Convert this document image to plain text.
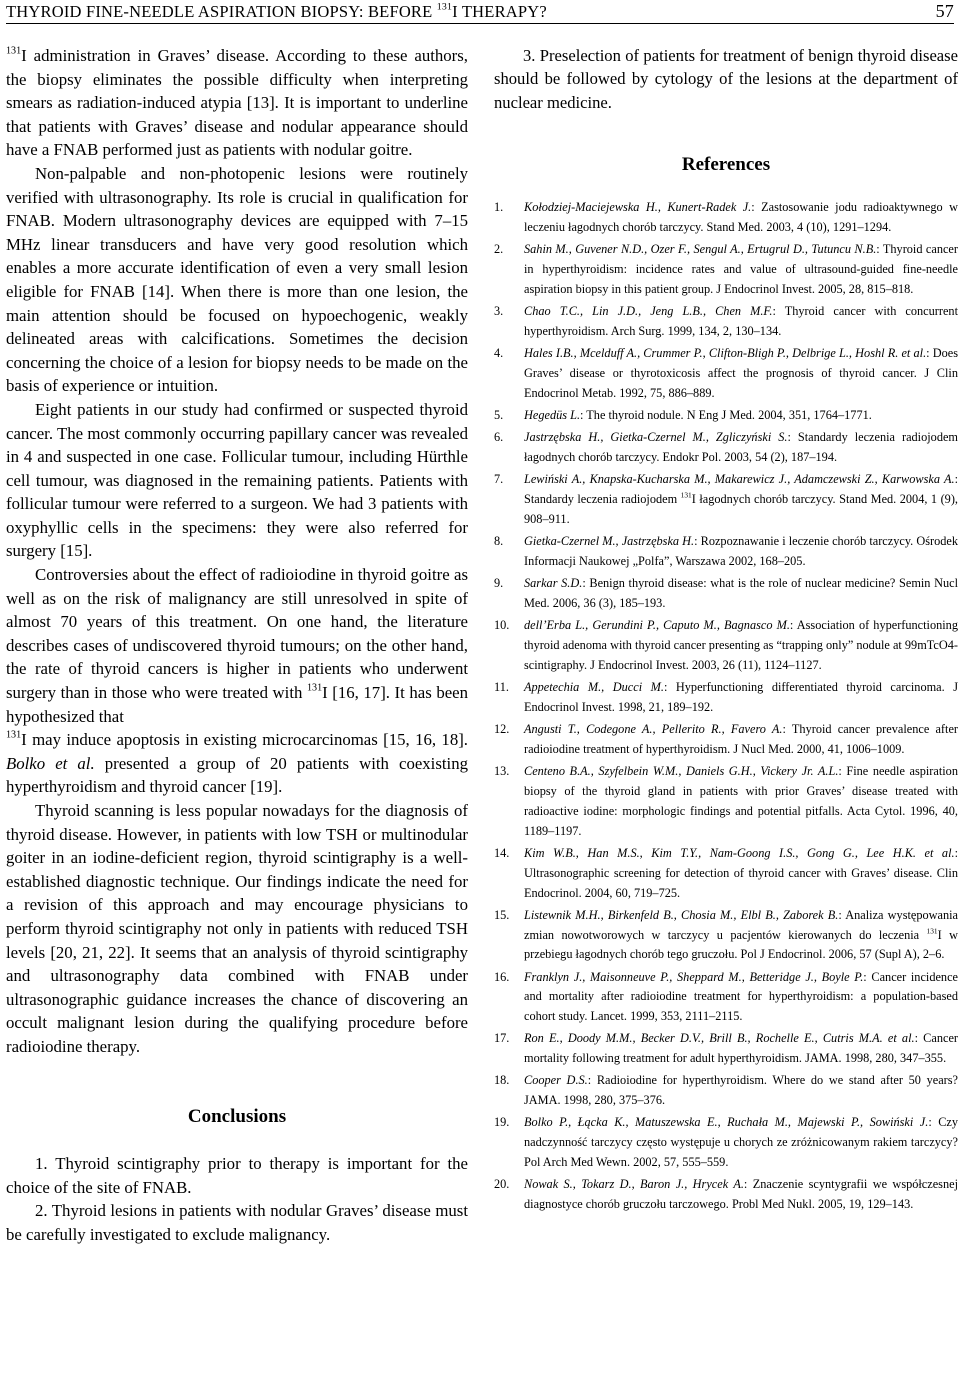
THYROID FINE-NEEDLE ASPIRATION BIOPSY: BEFORE $^{131}$I THERAPY?	57

$^{131}$I administration in Graves’ disease. According to these authors, the biopsy eliminates the possible difficulty when interpreting smears as radiation-induced atypia [13]. It is important to underline that patients with Graves’ disease and nodular appearance should have a FNAB performed just as patients with nodular goitre.

Non-palpable and non-photopenic lesions were routinely verified with ultrasonography. Its role is crucial in qualification for FNAB. Modern ultrasonography devices are equipped with 7–15 MHz linear transducers and have very good resolution which enables a more accurate identification of even a very small lesion eligible for FNAB [14]. When there is more than one lesion, the main attention should be focused on hypoechogenic, weakly delineated areas with calcifications. Sometimes the decision concerning the choice of a lesion for biopsy needs to be made on the basis of experience or intuition.

Eight patients in our study had confirmed or suspected thyroid cancer. The most commonly occurring papillary cancer was revealed in 4 and suspected in one case. Follicular tumour, including Hürthle cell tumour, was diagnosed in the remaining patients. Patients with follicular tumour were referred to a surgeon. We had 3 patients with oxyphyllic cells in the specimens: they were also referred for surgery [15].

Controversies about the effect of radioiodine in thyroid goitre as well as on the risk of malignancy are still unresolved in spite of almost 70 years of this treatment. On one hand, the literature describes cases of undiscovered thyroid tumours; on the other hand, the rate of thyroid cancers is higher in patients who underwent surgery than in those who were treated with $^{131}$I [16, 17]. It has been hypothesized that
$^{131}$I may induce apoptosis in existing microcarcinomas [15, 16, 18]. Bolko et al. presented a group of 20 patients with coexisting hyperthyroidism and thyroid cancer [19].

Thyroid scanning is less popular nowadays for the diagnosis of thyroid disease. However, in patients with low TSH or multinodular goiter in an iodine-deficient region, thyroid scintigraphy is a well-established diagnostic technique. Our findings indicate the need for a revision of this approach and may encourage physicians to perform thyroid scintigraphy not only in patients with reduced TSH levels [20, 21, 22]. It seems that an analysis of thyroid scintigraphy and ultrasonography data combined with FNAB under ultrasonographic guidance increases the chance of discovering an occult malignant lesion during the qualifying procedure before radioiodine therapy.

Conclusions

1. Thyroid scintigraphy prior to therapy is important for the choice of the site of FNAB.

2. Thyroid lesions in patients with nodular Graves’ disease must be carefully investigated to exclude malignancy.

3. Preselection of patients for treatment of benign thyroid disease should be followed by cytology of the lesions at the department of nuclear medicine.

References
1.	Kołodziej-Maciejewska H., Kunert-Radek J.: Zastosowanie jodu radioaktywnego w leczeniu łagodnych chorób tarczycy. Stand Med. 2003, 4 (10), 1291–1294.
2.	Sahin M., Guvener N.D., Ozer F., Sengul A., Ertugrul D., Tutuncu N.B.: Thyroid cancer in hyperthyroidism: incidence rates and value of ultrasound-guided fine-needle aspiration biopsy in this patient group. J Endocrinol Invest. 2005, 28, 815–818.
3.	Chao T.C., Lin J.D., Jeng L.B., Chen M.F.: Thyroid cancer with concurrent hyperthyroidism. Arch Surg. 1999, 134, 2, 130–134.
4.	Hales I.B., Mcelduff A., Crummer P., Clifton-Bligh P., Delbrige L., Hoshl R. et al.: Does Graves’ disease or thyrotoxicosis affect the prognosis of thyroid cancer. J Clin Endocrinol Metab. 1992, 75, 886–889.
5.	Hegedüs L.: The thyroid nodule. N Eng J Med. 2004, 351, 1764–1771.
6.	Jastrzębska H., Gietka-Czernel M., Zgliczyński S.: Standardy leczenia radiojodem łagodnych chorób tarczycy. Endokr Pol. 2003, 54 (2), 187–194.
7.	Lewiński A., Knapska-Kucharska M., Makarewicz J., Adamczewski Z., Karwowska A.: Standardy leczenia radiojodem $^{131}$I łagodnych chorób tarczycy. Stand Med. 2004, 1 (9), 908–911.
8.	Gietka-Czernel M., Jastrzębska H.: Rozpoznawanie i leczenie chorób tarczycy. Ośrodek Informacji Naukowej „Polfa”, Warszawa 2002, 168–205.
9.	Sarkar S.D.: Benign thyroid disease: what is the role of nuclear medicine? Semin Nucl Med. 2006, 36 (3), 185–193.
10.	dell’Erba L., Gerundini P., Caputo M., Bagnasco M.: Association of hyperfunctioning thyroid adenoma with thyroid cancer presenting as “trapping only” nodule at 99mTcO4- scintigraphy. J Endocrinol Invest. 2003, 26 (11), 1124–1127.
11.	Appetechia M., Ducci M.: Hyperfunctioning differentiated thyroid carcinoma. J Endocrinol Invest. 1998, 21, 189–192.
12.	Angusti T., Codegone A., Pellerito R., Favero A.: Thyroid cancer prevalence after radioiodine treatment of hyperthyroidism. J Nucl Med. 2000, 41, 1006–1009.
13.	Centeno B.A., Szyfelbein W.M., Daniels G.H., Vickery Jr. A.L.: Fine needle aspiration biopsy of the thyroid gland in patients with prior Graves’ disease treated with radioactive iodine: morphologic findings and potential pitfalls. Acta Cytol. 1996, 40, 1189–1197.
14.	Kim W.B., Han M.S., Kim T.Y., Nam-Goong I.S., Gong G., Lee H.K. et al.: Ultrasonographic screening for detection of thyroid cancer with Graves’ disease. Clin Endocrinol. 2004, 60, 719–725.
15.	Listewnik M.H., Birkenfeld B., Chosia M., Elbl B., Zaborek B.: Analiza występowania zmian nowotworowych w tarczycy u pacjentów kierowanych do leczenia $^{131}$I w przebiegu łagodnych chorób tego gruczołu. Pol J Endocrinol. 2006, 57 (Supl A), 2–6.
16.	Franklyn J., Maisonneuve P., Sheppard M., Betteridge J., Boyle P.: Cancer incidence and mortality after radioiodine treatment for hyperthyroidism: a population-based cohort study. Lancet. 1999, 353, 2111–2115.
17.	Ron E., Doody M.M., Becker D.V., Brill B., Rochelle E., Cutris M.A. et al.: Cancer mortality following treatment for adult hyperthyroidism. JAMA. 1998, 280, 347–355.
18.	Cooper D.S.: Radioiodine for hyperthyroidism. Where do we stand after 50 years? JAMA. 1998, 280, 375–376.
19.	Bolko P., Łącka K., Matuszewska E., Ruchała M., Majewski P., Sowiński J.: Czy nadczynność tarczycy często występuje u chorych ze zróżnicowanym rakiem tarczycy? Pol Arch Med Wewn. 2002, 57, 555–559.
20.	Nowak S., Tokarz D., Baron J., Hrycek A.: Znaczenie scyntygrafii we współczesnej diagnostyce chorób gruczołu tarczowego. Probl Med Nukl. 2005, 19, 129–143.
